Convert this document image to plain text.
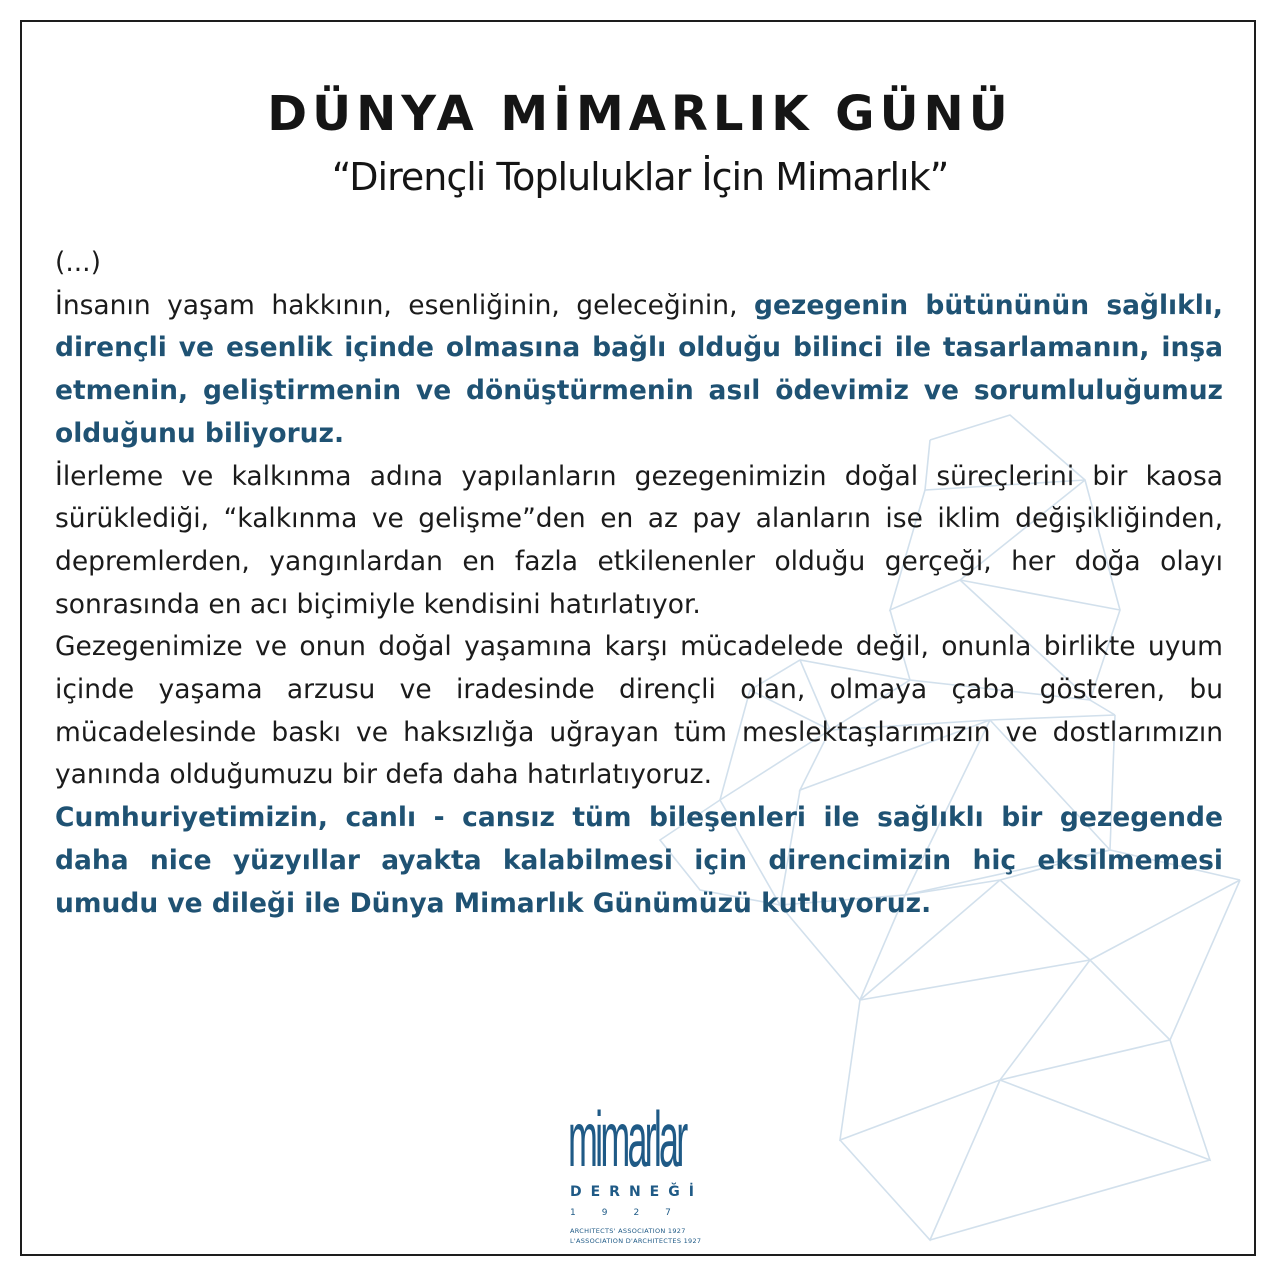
DÜNYA MİMARLIK GÜNÜ
“Dirençli Topluluklar İçin Mimarlık”

(...)

İnsanın yaşam hakkının, esenliğinin, geleceğinin, gezegenin bütününün sağlıklı, dirençli ve esenlik içinde olmasına bağlı olduğu bilinci ile tasarlamanın, inşa etmenin, geliştirmenin ve dönüştürmenin asıl ödevimiz ve sorumluluğumuz olduğunu biliyoruz.

İlerleme ve kalkınma adına yapılanların gezegenimizin doğal süreçlerini bir kaosa sürüklediği, “kalkınma ve gelişme”den en az pay alanların ise iklim değişikliğinden, depremlerden, yangınlardan en fazla etkilenenler olduğu gerçeği, her doğa olayı sonrasında en acı biçimiyle kendisini hatırlatıyor.

Gezegenimize ve onun doğal yaşamına karşı mücadelede değil, onunla birlikte uyum içinde yaşama arzusu ve iradesinde dirençli olan, olmaya çaba gösteren, bu mücadelesinde baskı ve haksızlığa uğrayan tüm meslektaşlarımızın ve dostlarımızın yanında olduğumuzu bir defa daha hatırlatıyoruz.

Cumhuriyetimizin, canlı - cansız tüm bileşenleri ile sağlıklı bir gezegende daha nice yüzyıllar ayakta kalabilmesi için direncimizin hiç eksilmemesi umudu ve dileği ile Dünya Mimarlık Günümüzü kutluyoruz.

mimarlar
DERNEĞİ
1927
ARCHITECTS' ASSOCIATION 1927
L'ASSOCIATION D'ARCHITECTES 1927
